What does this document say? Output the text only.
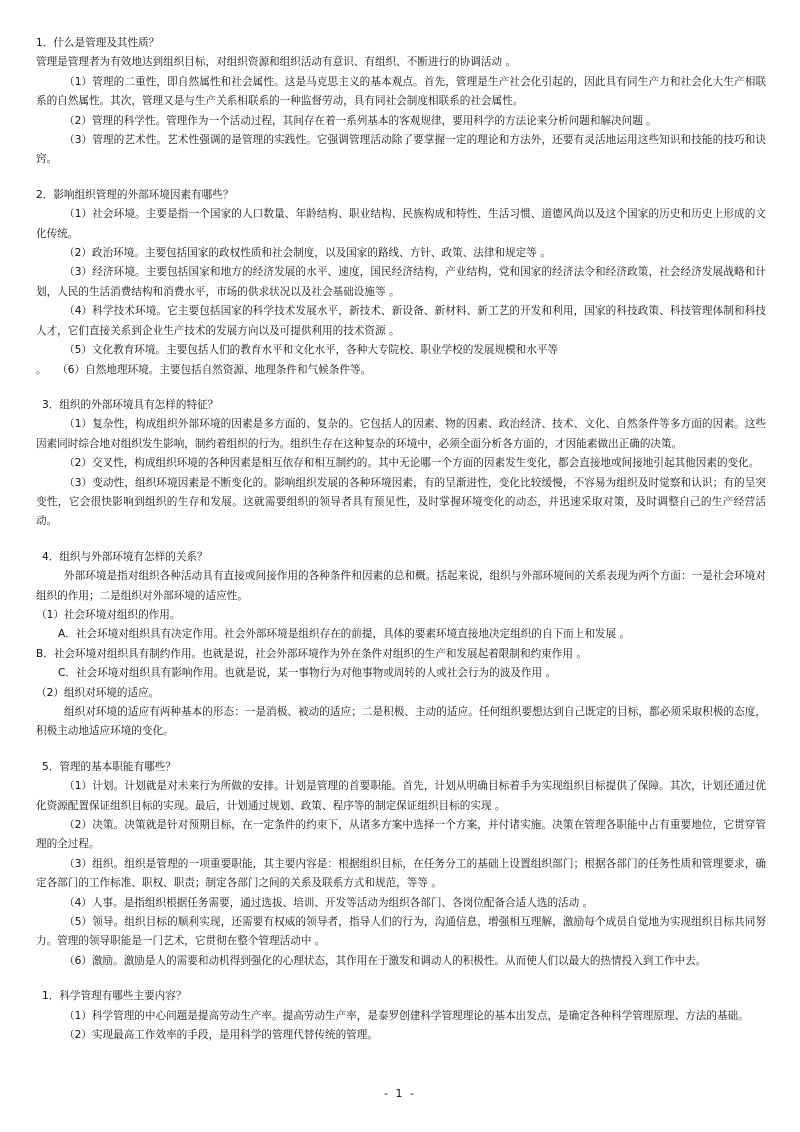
1．什么是管理及其性质？

管理是管理者为有效地达到组织目标，对组织资源和组织活动有意识、有组织、不断进行的协调活动 。

（1）管理的二重性，即自然属性和社会属性。这是马克思主义的基本观点。首先，管理是生产社会化引起的，因此具有同生产力和社会化大生产相联系的自然属性。其次，管理又是与生产关系相联系的一种监督劳动，具有同社会制度相联系的社会属性。

（2）管理的科学性。管理作为一个活动过程，其间存在着一系列基本的客观规律，要用科学的方法论来分析问题和解决问题 。

（3）管理的艺术性。艺术性强调的是管理的实践性。它强调管理活动除了要掌握一定的理论和方法外，还要有灵活地运用这些知识和技能的技巧和诀窍。

2．影响组织管理的外部环境因素有哪些？

（1）社会环境。主要是指一个国家的人口数量、年龄结构、职业结构、民族构成和特性、生活习惯、道德风尚以及这个国家的历史和历史上形成的文化传统。

（2）政治环境。主要包括国家的政权性质和社会制度，以及国家的路线、方针、政策、法律和规定等 。

（3）经济环境。主要包括国家和地方的经济发展的水平、速度，国民经济结构，产业结构，党和国家的经济法令和经济政策，社会经济发展战略和计划，人民的生活消费结构和消费水平，市场的供求状况以及社会基础设施等 。

（4）科学技术环境。它主要包括国家的科学技术发展水平，新技术、新设备、新材料、新工艺的开发和利用，国家的科技政策、科技管理体制和科技人才，它们直接关系到企业生产技术的发展方向以及可提供利用的技术资源 。

（5）文化教育环境。主要包括人们的教育水平和文化水平，各种大专院校、职业学校的发展规模和水平等

。　　（6）自然地理环境。主要包括自然资源、地理条件和气候条件等。

3．组织的外部环境具有怎样的特征？

（1）复杂性，构成组织外部环境的因素是多方面的、复杂的。它包括人的因素、物的因素、政治经济、技术、文化、自然条件等多方面的因素。这些因素同时综合地对组织发生影响，制约着组织的行为。组织生存在这种复杂的环境中，必须全面分析各方面的，才因能素做出正确的决策。

（2）交叉性，构成组织环境的各种因素是相互依存和相互制约的。其中无论哪一个方面的因素发生变化，都会直接地或间接地引起其他因素的变化。

（3）变动性，组织环境因素是不断变化的。影响组织发展的各种环境因素，有的呈渐进性，变化比较缓慢，不容易为组织及时觉察和认识；有的呈突变性，它会很快影响到组织的生存和发展。这就需要组织的领导者具有预见性，及时掌握环境变化的动态，并迅速采取对策，及时调整自己的生产经营活动。

4．组织与外部环境有怎样的关系？

外部环境是指对组织各种活动具有直接或间接作用的各种条件和因素的总和概。括起来说，组织与外部环境间的关系表现为两个方面：一是社会环境对组织的作用；二是组织对外部环境的适应性。

（1）社会环境对组织的作用。

A．社会环境对组织具有决定作用。社会外部环境是组织存在的前提，具体的要素环境直接地决定组织的自下而上和发展 。

B．社会环境对组织具有制约作用。也就是说，社会外部环境作为外在条件对组织的生产和发展起着限制和约束作用 。

C．社会环境对组织具有影响作用。也就是说，某一事物行为对他事物或周转的人或社会行为的波及作用 。

（2）组织对环境的适应。

组织对环境的适应有两种基本的形态：一是消极、被动的适应；二是积极、主动的适应。任何组织要想达到自己既定的目标，都必须采取积极的态度，积极主动地适应环境的变化。

5．管理的基本职能有哪些？

（1）计划。计划就是对未来行为所做的安排。计划是管理的首要职能。首先，计划从明确目标着手为实现组织目标提供了保障。其次，计划还通过优化资源配置保证组织目标的实现。最后，计划通过规划、政策、程序等的制定保证组织目标的实现 。

（2）决策。决策就是针对预期目标，在一定条件的约束下，从诸多方案中选择一个方案，并付诸实施。决策在管理各职能中占有重要地位，它贯穿管理的全过程。

（3）组织。组织是管理的一项重要职能，其主要内容是：根据组织目标，在任务分工的基础上设置组织部门；根据各部门的任务性质和管理要求，确定各部门的工作标准、职权、职责；制定各部门之间的关系及联系方式和规范，等等 。

（4）人事。是指组织根据任务需要，通过选拔、培训、开发等活动为组织各部门、各岗位配备合适人选的活动 。

（5）领导。组织目标的顺利实现，还需要有权威的领导者，指导人们的行为，沟通信息，增强相互理解，激励每个成员自觉地为实现组织目标共同努力。管理的领导职能是一门艺术，它贯彻在整个管理活动中 。

（6）激励。激励是人的需要和动机得到强化的心理状态，其作用在于激发和调动人的积极性。从而使人们以最大的热情投入到工作中去。

1．科学管理有哪些主要内容？

（1）科学管理的中心问题是提高劳动生产率。提高劳动生产率，是泰罗创建科学管理理论的基本出发点，是确定各种科学管理原理、方法的基础。

（2）实现最高工作效率的手段，是用科学的管理代替传统的管理。

- 1 -
